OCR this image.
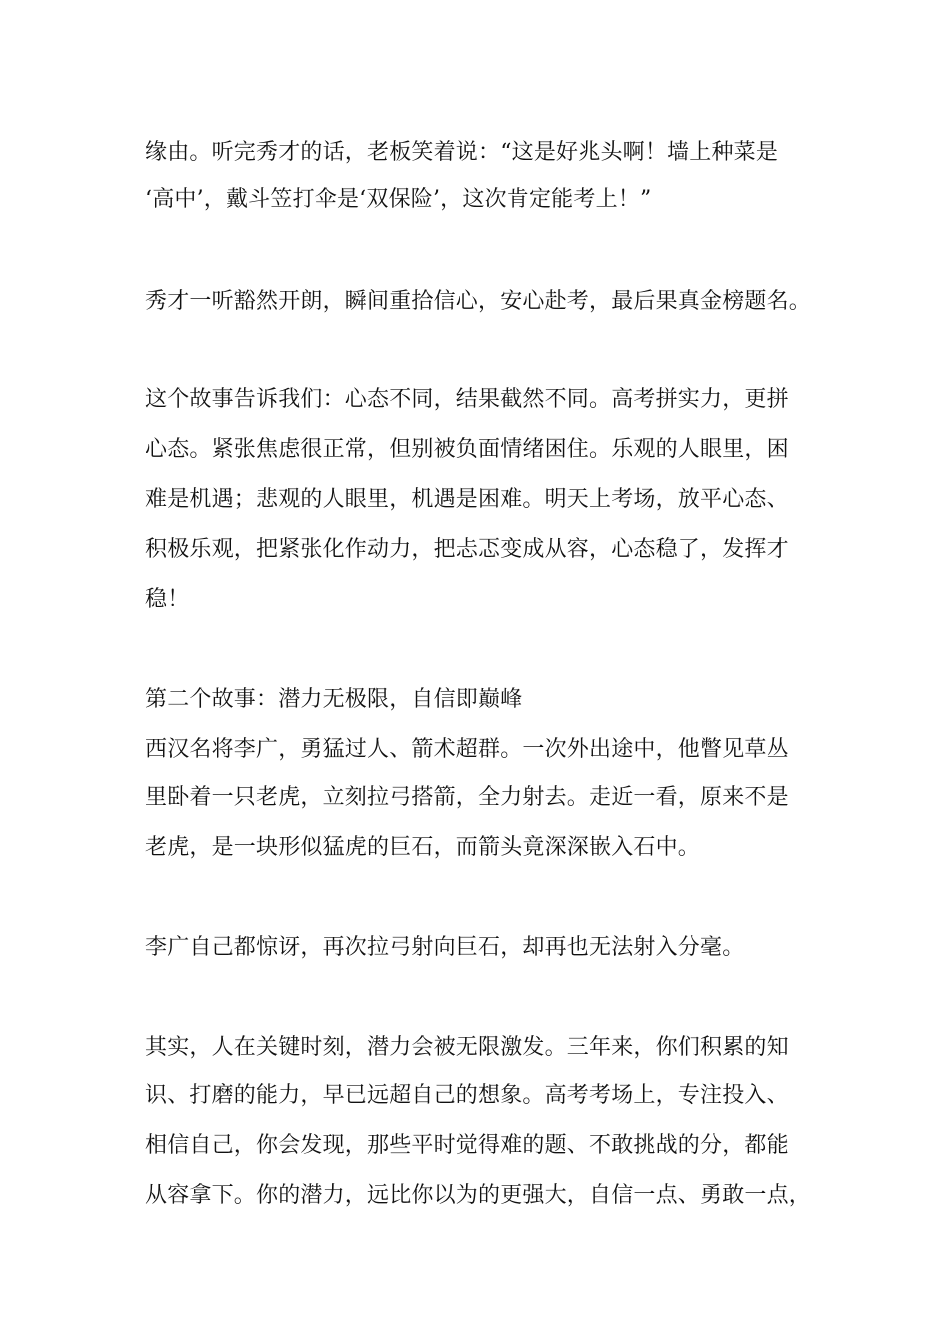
缘由。听完秀才的话，老板笑着说：“这是好兆头啊！墙上种菜是
‘高中’，戴斗笠打伞是‘双保险’，这次肯定能考上！”
秀才一听豁然开朗，瞬间重拾信心，安心赴考，最后果真金榜题名。
这个故事告诉我们：心态不同，结果截然不同。高考拼实力，更拼
心态。紧张焦虑很正常，但别被负面情绪困住。乐观的人眼里，困
难是机遇；悲观的人眼里，机遇是困难。明天上考场，放平心态、
积极乐观，把紧张化作动力，把忐忑变成从容，心态稳了，发挥才
稳！
第二个故事：潜力无极限，自信即巅峰
西汉名将李广，勇猛过人、箭术超群。一次外出途中，他瞥见草丛
里卧着一只老虎，立刻拉弓搭箭，全力射去。走近一看，原来不是
老虎，是一块形似猛虎的巨石，而箭头竟深深嵌入石中。
李广自己都惊讶，再次拉弓射向巨石，却再也无法射入分毫。
其实，人在关键时刻，潜力会被无限激发。三年来，你们积累的知
识、打磨的能力，早已远超自己的想象。高考考场上，专注投入、
相信自己，你会发现，那些平时觉得难的题、不敢挑战的分，都能
从容拿下。你的潜力，远比你以为的更强大，自信一点、勇敢一点，
